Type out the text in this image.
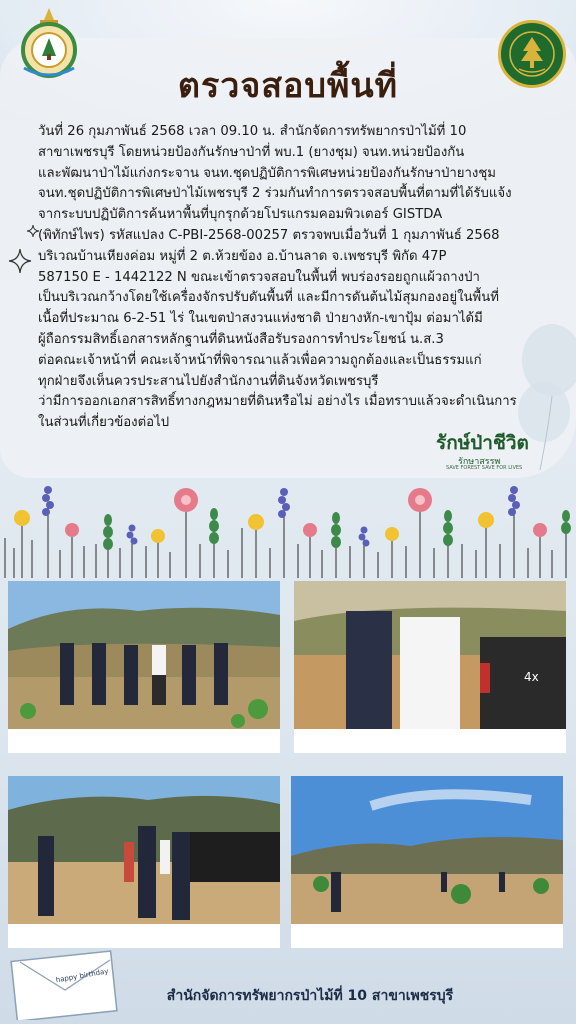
ตรวจสอบพื้นที่
วันที่ 26 กุมภาพันธ์ 2568 เวลา 09.10 น. สำนักจัดการทรัพยากรป่าไม้ที่ 10
สาขาเพชรบุรี โดยหน่วยป้องกันรักษาป่าที่ พบ.1 (ยางชุม) จนท.หน่วยป้องกัน
และพัฒนาป่าไม้แก่งกระจาน จนท.ชุดปฏิบัติการพิเศษหน่วยป้องกันรักษาป่ายางชุม
จนท.ชุดปฏิบัติการพิเศษป่าไม้เพชรบุรี 2 ร่วมกันทำการตรวจสอบพื้นที่ตามที่ได้รับแจ้ง
จากระบบปฏิบัติการค้นหาพื้นที่บุกรุกด้วยโปรแกรมคอมพิวเตอร์ GISTDA
(พิทักษ์ไพร) รหัสแปลง C-PBI-2568-00257 ตรวจพบเมื่อวันที่ 1 กุมภาพันธ์ 2568
บริเวณบ้านเหียงค่อม หมู่ที่ 2 ต.ห้วยข้อง อ.บ้านลาด จ.เพชรบุรี พิกัด 47P
587150 E - 1442122 N ขณะเข้าตรวจสอบในพื้นที่ พบร่องรอยถูกแผ้วถางป่า
เป็นบริเวณกว้างโดยใช้เครื่องจักรปรับดันพื้นที่ และมีการดันต้นไม้สุมกองอยู่ในพื้นที่
เนื้อที่ประมาณ 6-2-51 ไร่ ในเขตป่าสงวนแห่งชาติ ป่ายางหัก-เขาปุ้ม ต่อมาได้มี
ผู้ถือกรรมสิทธิ์เอกสารหลักฐานที่ดินหนังสือรับรองการทำประโยชน์ น.ส.3
ต่อคณะเจ้าหน้าที่ คณะเจ้าหน้าที่พิจารณาแล้วเพื่อความถูกต้องและเป็นธรรมแก่
ทุกฝ่ายจึงเห็นควรประสานไปยังสำนักงานที่ดินจังหวัดเพชรบุรี
ว่ามีการออกเอกสารสิทธิ์ทางกฎหมายที่ดินหรือไม่ อย่างไร เมื่อทราบแล้วจะดำเนินการ
ในส่วนที่เกี่ยวข้องต่อไป
รักษ์ป่าชีวิต
รักษาสรรพ
SAVE FOREST SAVE FOR LIVES
4x
happy birthday
สำนักจัดการทรัพยากรป่าไม้ที่ 10 สาขาเพชรบุรี
